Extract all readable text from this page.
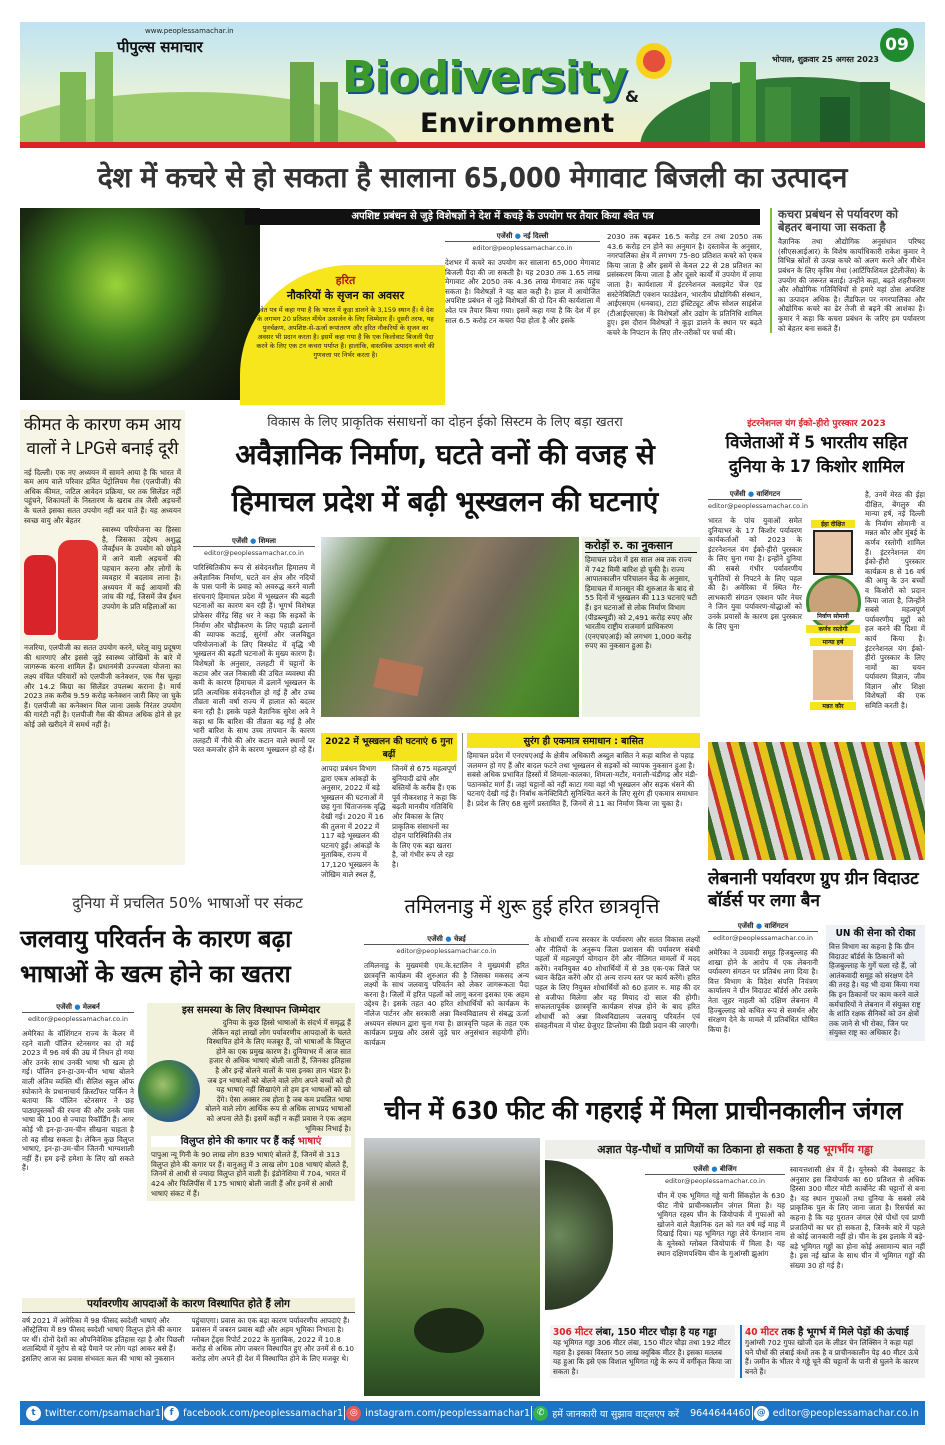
www.peoplessamachar.in
पीपुल्स समाचार
Biodiversity
&
Environment
भोपाल, शुक्रवार 25 अगस्त 2023
09
देश में कचरे से हो सकता है सालाना 65,000 मेगावाट बिजली का उत्पादन
अपशिष्ट प्रबंधन से जुड़े विशेषज्ञों ने देश में कचड़े के उपयोग पर तैयार किया श्वेत पत्र
हरित
नौकरियों के सृजन का अवसर
श्वेत पत्र में कहा गया है कि भारत में कूड़ा डालने के 3,159 स्थान हैं। ये देश के लगभग 20 प्रतिशत मीथेन उत्सर्जन के लिए जिम्मेदार हैं। दूसरी तरफ, यह पुनर्चक्रण, अपशिष्ट-से-ऊर्जा रूपांतरण और हरित नौकरियों के सृजन का अवसर भी प्रदान करता है। इसमें कहा गया है कि एक किलोवाट बिजली पैदा करने के लिए एक टन कचरा पर्याप्त है। हालांकि, वास्तविक उत्पादन कचरे की गुणवत्ता पर निर्भर करता है।
एजेंसी ● नई दिल्ली
editor@peoplessamachar.co.in
देशभर में कचरे का उपयोग कर सालाना 65,000 मेगावाट बिजली पैदा की जा सकती है। यह 2030 तक 1.65 लाख मेगावाट और 2050 तक 4.36 लाख मेगावाट तक पहुंच सकता है। विशेषज्ञों ने यह बात कही है। हाल में आयोजित अपशिष्ट प्रबंधन से जुड़े विशेषज्ञों की दो दिन की कार्यशाला में श्वेत पत्र तैयार किया गया। इसमें कहा गया है कि देश में हर साल 6.5 करोड़ टन कचरा पैदा होता है और इसके
2030 तक बढ़कर 16.5 करोड़ टन तथा 2050 तक 43.6 करोड़ टन होने का अनुमान है। दस्तावेज के अनुसार, नगरपालिका क्षेत्र में लगभग 75-80 प्रतिशत कचरे को एकत्र किया जाता है और इसमें से केवल 22 से 28 प्रतिशत का प्रसंस्करण किया जाता है और दूसरे कार्यों में उपयोग में लाया जाता है। कार्यशाला में इंटरनेशनल क्लाइमेट चेंज एंड सस्टेनेबिलिटी एक्शन फाउंडेशन, भारतीय प्रौद्योगिकी संस्थान, आईएसएम (धनबाद), टाटा इंस्टिट्यूट ऑफ सोशल साइंसेज (टीआईएसएस) के विशेषज्ञों और उद्योग के प्रतिनिधि शामिल हुए। इस दौरान विशेषज्ञों ने कूड़ा डालने के स्थान पर बढ़ते कचरे के निपटान के लिए तौर-तरीकों पर चर्चा की।
कचरा प्रबंधन से पर्यावरण को बेहतर बनाया जा सकता है
वैज्ञानिक तथा औद्योगिक अनुसंधान परिषद (सीएसआईआर) के विशेष कार्याधिकारी राकेश कुमार ने विभिन्न स्रोतों से उत्पन्न कचरे को अलग करने और मीथेन प्रबंधन के लिए कृत्रिम मेधा (आर्टिफिशियल इंटेलीजेंस) के उपयोग की जरूरत बताई। उन्होंने कहा, बढ़ते शहरीकरण और औद्योगिक गतिविधियों से हमारे यहां ठोस अपशिष्ट का उत्पादन अधिक है। लैंडफिल पर नगरपालिका और औद्योगिक कचरे का ढेर तेजी से बढ़ने की आशंका है। कुमार ने कहा कि कचरा प्रबंधन के जरिए हम पर्यावरण को बेहतर बना सकते हैं।
कीमत के कारण कम आय वालों ने LPGसे बनाई दूरी
नई दिल्ली। एक नए अध्ययन में सामने आया है कि भारत में कम आय वाले परिवार द्रवित पेट्रोलियम गैस (एलपीजी) की अधिक कीमत, जटिल आवेदन प्रक्रिया, घर तक सिलेंडर नहीं पहुंचने, शिकायतों के निस्तारण के खराब तंत्र जैसी अड़चनों के चलते इसका सतत उपयोग नहीं कर पाते हैं। यह अध्ययन स्वच्छ वायु और बेहतर
स्वास्थ्य परियोजना का हिस्सा है, जिसका उद्देश्य अशुद्ध जैवईंधन के उपयोग को छोड़ने में आने वाली अड़चनों की पहचान करना और लोगों के व्यवहार में बदलाव लाना है। अध्ययन में कई आयामों की जांच की गई, जिसमें जैव ईंधन उपयोग के प्रति महिलाओं का
नजरिया, एलपीजी का सतत उपयोग करने, घरेलू वायु प्रदूषण की धारणाएं और इससे जुड़े स्वास्थ्य जोखिमों के बारे में जागरूक करना शामिल हैं। प्रधानमंत्री उज्ज्वला योजना का लक्ष्य वंचित परिवारों को एलपीजी कनेक्शन, एक गैस चूल्हा और 14.2 किग्रा का सिलेंडर उपलब्ध कराना है। मार्च 2023 तक करीब 9.59 करोड़ कनेक्शन जारी किए जा चुके हैं। एलपीजी का कनेक्शन मिल जाना उसके निरंतर उपयोग की गारंटी नहीं है। एलपीजी गैस की कीमत अधिक होने से हर कोई उसे खरीदने में समर्थ नहीं है।
विकास के लिए प्राकृतिक संसाधनों का दोहन ईको सिस्टम के लिए बड़ा खतरा
अवैज्ञानिक निर्माण, घटते वनों की वजह से
हिमाचल प्रदेश में बढ़ी भूस्खलन की घटनाएं
एजेंसी ● शिमला
editor@peoplessamachar.co.in
पारिस्थितिकीय रूप से संवेदनशील हिमालय में अवैज्ञानिक निर्माण, घटते वन क्षेत्र और नदियों के पास पानी के प्रवाह को अवरुद्ध करने वाली संरचनाएं हिमाचल प्रदेश में भूस्खलन की बढ़ती घटनाओं का कारण बन रही हैं। भूगर्भ विशेषज्ञ प्रोफेसर वीरेंद्र सिंह धर ने कहा कि सड़कों के निर्माण और चौड़ीकरण के लिए पहाड़ी ढलानों की व्यापक कटाई, सुरंगों और जलविद्युत परियोजनाओं के लिए विस्फोट में वृद्धि भी भूस्खलन की बढ़ती घटनाओं के मुख्य कारण हैं। विशेषज्ञों के अनुसार, तलहटी में चट्टानों के कटाव और जल निकासी की उचित व्यवस्था की कमी के कारण हिमाचल में ढलानें भूस्खलन के प्रति अत्यधिक संवेदनशील हो गई हैं और उच्च तीव्रता वाली वर्षा राज्य में हालात को बदतर बना रही है। इसके पहले वैज्ञानिक सुरेश अत्रे ने कहा था कि बारिश की तीव्रता बढ़ गई है और भारी बारिश के साथ उच्च तापमान के कारण तलहटी में नीचे की ओर कटान वाले स्थानों पर परत कमजोर होने के कारण भूस्खलन हो रहे हैं।
करोड़ों रु. का नुकसान
हिमाचल प्रदेश में इस साल अब तक राज्य में 742 मिमी बारिश हो चुकी है। राज्य आपातकालीन परिचालन केंद्र के अनुसार, हिमाचल में मानसून की शुरुआत के बाद से 55 दिनों में भूस्खलन की 113 घटनाएं घटी हैं। इन घटनाओं से लोक निर्माण विभाग (पीडब्ल्यूडी) को 2,491 करोड़ रुपए और भारतीय राष्ट्रीय राजमार्ग प्राधिकरण (एनएचएआई) को लगभग 1,000 करोड़ रुपए का नुकसान हुआ है।
2022 में भूस्खलन की घटनाएं 6 गुना बढ़ीं
आपदा प्रबंधन विभाग द्वारा एकत्र आंकड़ों के अनुसार, 2022 में बड़े भूस्खलन की घटनाओं में छह गुना चिंताजनक वृद्धि देखी गई। 2020 में 16 की तुलना में 2022 में 117 बड़े भूस्खलन की घटनाएं हुईं। आंकड़ों के मुताबिक, राज्य में 17,120 भूस्खलन के जोखिम वाले स्थल हैं, जिनमें से 675 महत्वपूर्ण बुनियादी ढांचे और बस्तियों के करीब हैं। एक पूर्व नौकरशाह ने कहा कि बढ़ती मानवीय गतिविधि और विकास के लिए प्राकृतिक संसाधनों का दोहन पारिस्थितिकी तंत्र के लिए एक बड़ा खतरा है, जो गंभीर रूप ले रहा है।
सुरंग ही एकमात्र समाधान : बासित
हिमाचल प्रदेश में एनएचएआई के क्षेत्रीय अधिकारी अब्दुल बासित ने कहा बारिश से पहाड़ जलमग्न हो गए हैं और बादल फटने तथा भूस्खलन से सड़कों को व्यापक नुकसान हुआ है। सबसे अधिक प्रभावित हिस्सों में शिमला-कालका, शिमला-मटौर, मनाली-चंडीगढ़ और मंडी-पठानकोट मार्ग हैं। जहां चट्टानों को नहीं काटा गया वहां भी भूस्खलन और सड़क धंसने की घटनाएं देखी गई हैं। निर्बाध कनेक्टिविटी सुनिश्चित करने के लिए सुरंग ही एकमात्र समाधान है। प्रदेश के लिए 68 सुरंगें प्रस्तावित हैं, जिनमें से 11 का निर्माण किया जा चुका है।
इंटरनेशनल यंग ईको-हीरो पुरस्कार 2023
विजेताओं में 5 भारतीय सहित दुनिया के 17 किशोर शामिल
एजेंसी ● वाशिंगटन
editor@peoplessamachar.co.in
भारत के पांच युवाओं समेत दुनियाभर के 17 किशोर पर्यावरण कार्यकर्ताओं को 2023 के इंटरनेशनल यंग ईको-हीरो पुरस्कार के लिए चुना गया है। इन्होंने दुनिया की सबसे गंभीर पर्यावरणीय चुनौतियों से निपटने के लिए पहल की है। अमेरिका में स्थित गैर-लाभकारी संगठन एक्शन फॉर नेचर ने जिन युवा पर्यावरण-योद्धाओं को उनके प्रयासों के कारण इस पुरस्कार के लिए चुना
ईहा दीक्षित
निर्वाण सोमानी
कर्णव रस्तोगी
मान्या हर्ष
मन्नत कौर
है, उनमें मेरठ की ईहा दीक्षित, बेंगलुरु की मान्या हर्ष, नई दिल्ली के निर्वाण सोमानी व मन्नत कौर और मुंबई के कर्णव रस्तोगी शामिल हैं। इंटरनेशनल यंग ईको-हीरो पुरस्कार कार्यक्रम 8 से 16 वर्ष की आयु के उन बच्चों व किशोरों को प्रदान किया जाता है, जिन्होंने सबसे महत्वपूर्ण पर्यावरणीय मुद्दों को हल करने की दिशा में कार्य किया है। इंटरनेशनल यंग ईको-हीरो पुरस्कार के लिए नामों का चयन पर्यावरण विज्ञान, जीव विज्ञान और शिक्षा विशेषज्ञों की एक समिति करती है।
लेबनानी पर्यावरण ग्रुप ग्रीन विदाउट बॉर्डर्स पर लगा बैन
एजेंसी ● वाशिंगटन
editor@peoplessamachar.co.in
अमेरिका ने उग्रवादी समूह हिजबुल्लाह की शाखा होने के आरोप में एक लेबनानी पर्यावरण संगठन पर प्रतिबंध लगा दिया है। वित्त विभाग के विदेश संपत्ति नियंत्रण कार्यालय ने ग्रीन विदाउट बॉर्डर्स और उसके नेता जुहर नाहली को दक्षिण लेबनान में हिज्बुल्लाह को कथित रूप से समर्थन और संरक्षण देने के मामले में प्रतिबंधित घोषित किया है।
UN की सेना को रोका
वित्त विभाग का कहना है कि ग्रीन विदाउट बॉर्डर्स के ठिकानों को हिजबुल्लाह के गुर्गे चला रहे हैं, जो आतंकवादी समूह को संरक्षण देने की तरह है। यह भी दावा किया गया कि इन ठिकानों पर काम करने वाले कर्मचारियों ने लेबनान में संयुक्त राष्ट्र के शांति रक्षक सैनिकों को उन क्षेत्रों तक जाने से भी रोका, जिन पर संयुक्त राष्ट्र का अधिकार है।
दुनिया में प्रचलित 50% भाषाओं पर संकट
जलवायु परिवर्तन के कारण बढ़ा भाषाओं के खत्म होने का खतरा
एजेंसी ● मेलबर्न
editor@peoplessamachar.co.in
अमेरिका के वॉशिंगटन राज्य के केलर में रहने वाली पॉलिन स्टेनसगर का दो मई 2023 में 96 वर्ष की उम्र में निधन हो गया और उनके साथ उनकी भाषा भी खत्म हो गई। पॉलिन इन-हा-उम-चीन भाषा बोलने वाली अंतिम व्यक्ति थीं। सैलिश स्कूल ऑफ स्पोकाने के प्रधानाचार्य क्रिस्टॉफर पार्किन ने बताया कि पॉलिन स्टेनसगर ने छह पाठ्यपुस्तकों की रचना की और उनके पास भाषा की 100 से ज्यादा रिकॉर्डिंग हैं। अगर कोई भी इन-हा-उम-चीन सीखना चाहता है तो वह सीख सकता है। लेकिन कुछ विलुप्त भाषाएं, इन-हा-उम-चीन जितनी भाग्यशाली नहीं हैं। हम इन्हें हमेशा के लिए खो सकते हैं।
इस समस्या के लिए विस्थापन जिम्मेदार
दुनिया के कुछ हिस्से भाषाओं के संदर्भ में समृद्ध हैं लेकिन वहां लाखों लोग पर्यावरणीय आपदाओं के चलते विस्थापित होने के लिए मजबूर हैं, जो भाषाओं के विलुप्त होने का एक प्रमुख कारण है। दुनियाभर में आज सात हजार से अधिक भाषाएं बोली जाती हैं, जिनका इतिहास है और इन्हें बोलने वालों के पास इनका ज्ञान भंडार है। जब इन भाषाओं को बोलने वाले लोग अपने बच्चों को ही यह भाषाएं नहीं सिखाएंगे तो हम इन भाषाओं को खो देंगे। ऐसा अक्सर तब होता है जब कम प्रचलित भाषा बोलने वाले लोग आर्थिक रूप से अधिक लाभप्रद भाषाओं को अपना लेते हैं। इसमें कहीं न कहीं प्रवास ने एक अहम भूमिका निभाई है।
विलुप्त होने की कगार पर हैं कई भाषाएं
पापुआ न्यू गिनी के 90 लाख लोग 839 भाषाएं बोलते हैं, जिनमें से 313 विलुप्त होने की कगार पर हैं। वानुअतु में 3 लाख लोग 108 भाषाएं बोलते हैं, जिनमें से आधी से ज्यादा विलुप्त होने वाली हैं। इंडोनेशिया में 704, भारत में 424 और फिलिपींस में 175 भाषाएं बोली जाती हैं और इनमें से आधी भाषाएं संकट में हैं।
पर्यावरणीय आपदाओं के कारण विस्थापित होते हैं लोग
वर्ष 2021 में अमेरिका में 98 फीसद स्वदेशी भाषाएं और ऑस्ट्रेलिया में 89 फीसद स्वदेशी भाषाएं विलुप्त होने की कगार पर थीं। दोनों देशों का औपनिवेशिक इतिहास रहा है और पिछली शताब्दियों में यूरोप से बड़े पैमाने पर लोग यहां आकर बसे हैं। इसलिए आज का प्रवास संभवतः कल की भाषा को नुकसान
पहुंचाएगा। प्रवास का एक बड़ा कारण पर्यावरणीय आपदाएं हैं। प्रवासन में जबरन प्रवास बड़ी और अहम भूमिका निभाता है। ग्लोबल ट्रेंड्स रिपोर्ट 2022 के मुताबिक, 2022 में 10.8 करोड़ से अधिक लोग जबरन विस्थापित हुए और उनमें से 6.10 करोड़ लोग अपने ही देश में विस्थापित होने के लिए मजबूर थे।
तमिलनाडु में शुरू हुई हरित छात्रवृत्ति
एजेंसी ● चेन्नई
editor@peoplessamachar.co.in
तमिलनाडु के मुख्यमंत्री एम.के.स्टालिन ने मुख्यमंत्री हरित छात्रवृत्ति कार्यक्रम की शुरुआत की है जिसका मकसद अन्य लक्ष्यों के साथ जलवायु परिवर्तन को लेकर जागरूकता पैदा करना है। जिलों में हरित पहलों को लागू करना इसका एक अहम उद्देश्य है। इसके तहत 40 हरित शोधार्थियों को कार्यक्रम के नॉलेज पार्टनर और सरकारी अन्ना विश्वविद्यालय से संबद्ध ऊर्जा अध्ययन संस्थान द्वारा चुना गया है। छात्रवृत्ति पहल के तहत एक कार्यक्रम प्रमुख और उससे जुड़े चार अनुसंधान सहयोगी होंगे। कार्यक्रम
के शोधार्थी राज्य सरकार के पर्यावरण और सतत विकास लक्ष्यों और नीतियों के अनुरूप जिला प्रशासन की पर्यावरण संबंधी पहलों में महत्वपूर्ण योगदान देंगे और नीतिगत मामलों में मदद करेंगे। नवनियुक्त 40 शोधार्थियों में से 38 एक-एक जिले पर ध्यान केंद्रित करेंगे और दो अन्य राज्य स्तर पर कार्य करेंगे। हरित पहल के लिए नियुक्त शोधार्थियों को 60 हजार रु. माह की दर से वजीफा मिलेगा और यह मियाद दो साल की होगी। सफलतापूर्वक छात्रवृत्ति कार्यक्रम संपन्न होने के बाद हरित शोधार्थी को अन्ना विश्वविद्यालय जलवायु परिवर्तन एवं संवहनीयता में पोस्ट ग्रेजुएट डिप्लोमा की डिग्री प्रदान की जाएगी।
चीन में 630 फीट की गहराई में मिला प्राचीनकालीन जंगल
अज्ञात पेड़-पौधों व प्राणियों का ठिकाना हो सकता है यह भूगर्भीय गड्ढा
एजेंसी ● बीजिंग
editor@peoplessamachar.co.in
चीन में एक भूमिगत गड्ढे यानी सिंकहोल के 630 फीट नीचे प्राचीनकालीन जंगल मिला है। यह भूमिगत रहस्य चीन के जियोपार्क में गुफाओं को खोजने वाले वैज्ञानिक दल को गत वर्ष मई माह में दिखाई दिया। यह भूमिगत गड्ढा लेये फेंगशान नाम के यूनेस्को ग्लोबल जियोपार्क में मिला है। यह स्थान दक्षिणपश्चिम चीन के गुआंग्सी झुआंग
स्वायत्तशासी क्षेत्र में है। यूनेस्को की वेबसाइट के अनुसार इस जियोपार्क का 60 प्रतिशत से अधिक हिस्सा 300 मीटर मोटी कार्बोनेट की चट्टानों से बना है। यह स्थान गुफाओं तथा दुनिया के सबसे लंबे प्राकृतिक पुल के लिए जाना जाता है। रिसर्चर्स का कहना है कि यह पुरातन जंगल ऐसे पौधों एवं प्राणी प्रजातियों का घर हो सकता है, जिनके बारे में पहले से कोई जानकारी नहीं हो। चीन के इस इलाके में बड़े-बड़े भूमिगत गड्ढों का होना कोई असामान्य बात नहीं है। इस नई खोज के साथ चीन में भूमिगत गड्ढों की संख्या 30 हो गई है।
306 मीटर लंबा, 150 मीटर चौड़ा है यह गड्ढा
यह भूमिगत गड्ढा 306 मीटर लंबा, 150 मीटर चौड़ा तथा 192 मीटर गहरा है। इसका विस्तार 50 लाख क्यूबिक मीटर है। इसका मतलब यह हुआ कि इसे एक विशाल भूमिगत गड्ढे के रूप में वर्गीकृत किया जा सकता है।
40 मीटर तक है भूगर्भ में मिले पेड़ों की ऊंचाई
गुआंग्सी 702 गुफा खोजी दल के लीडर चेन लिक्सिन ने कहा यहां घने पौधों की लंबाई कंधों तक है व प्राचीनकालीन पेड़ 40 मीटर ऊंचे हैं। जमीन के भीतर ये गड्ढे चूने की चट्टानों के पानी से घुलने के कारण बनते हैं।
t twitter.com/psamachar1 f	facebook.com/peoplessamachar1 ◎ instagram.com/peoplessamachar1 ✆ हमें जानकारी या सुझाव वाट्सएप करें
9644644460 @ editor@peoplessamachar.co.in
